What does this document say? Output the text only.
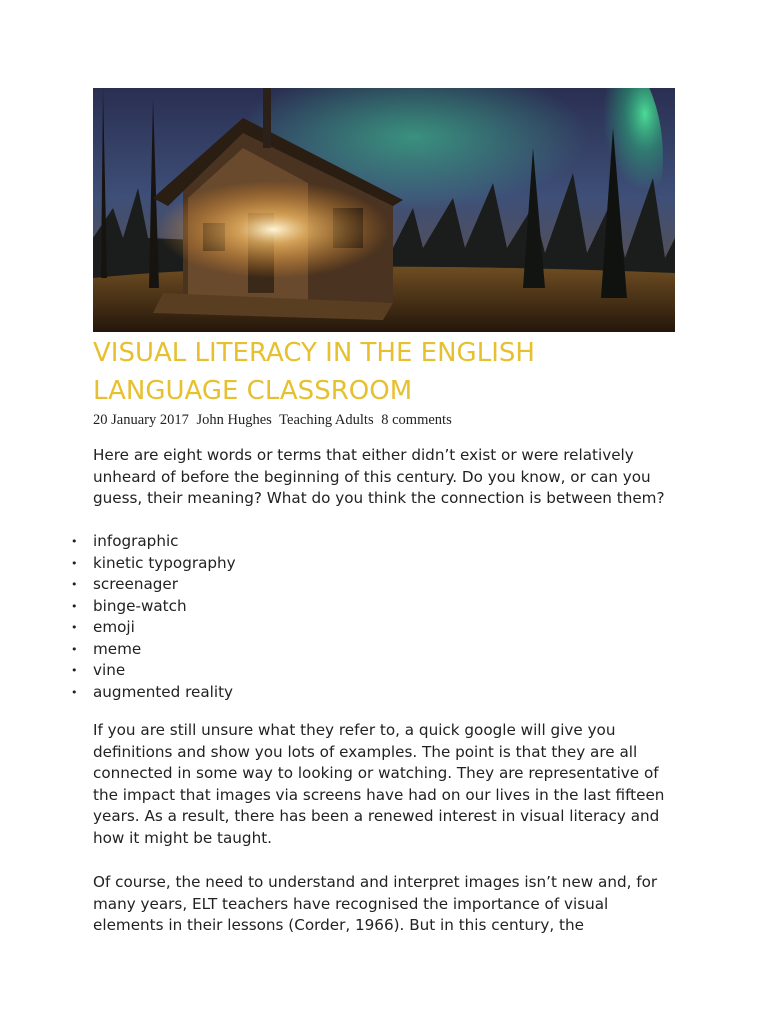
VISUAL LITERACY IN THE ENGLISH LANGUAGE CLASSROOM
20 January 2017 John Hughes Teaching Adults 8 comments

Here are eight words or terms that either didn’t exist or were relatively unheard of before the beginning of this century. Do you know, or can you guess, their meaning? What do you think the connection is between them?

• infographic
• kinetic typography
• screenager
• binge-watch
• emoji
• meme
• vine
• augmented reality

If you are still unsure what they refer to, a quick google will give you definitions and show you lots of examples. The point is that they are all connected in some way to looking or watching. They are representative of the impact that images via screens have had on our lives in the last fifteen years. As a result, there has been a renewed interest in visual literacy and how it might be taught.

Of course, the need to understand and interpret images isn’t new and, for many years, ELT teachers have recognised the importance of visual elements in their lessons (Corder, 1966). But in this century, the
